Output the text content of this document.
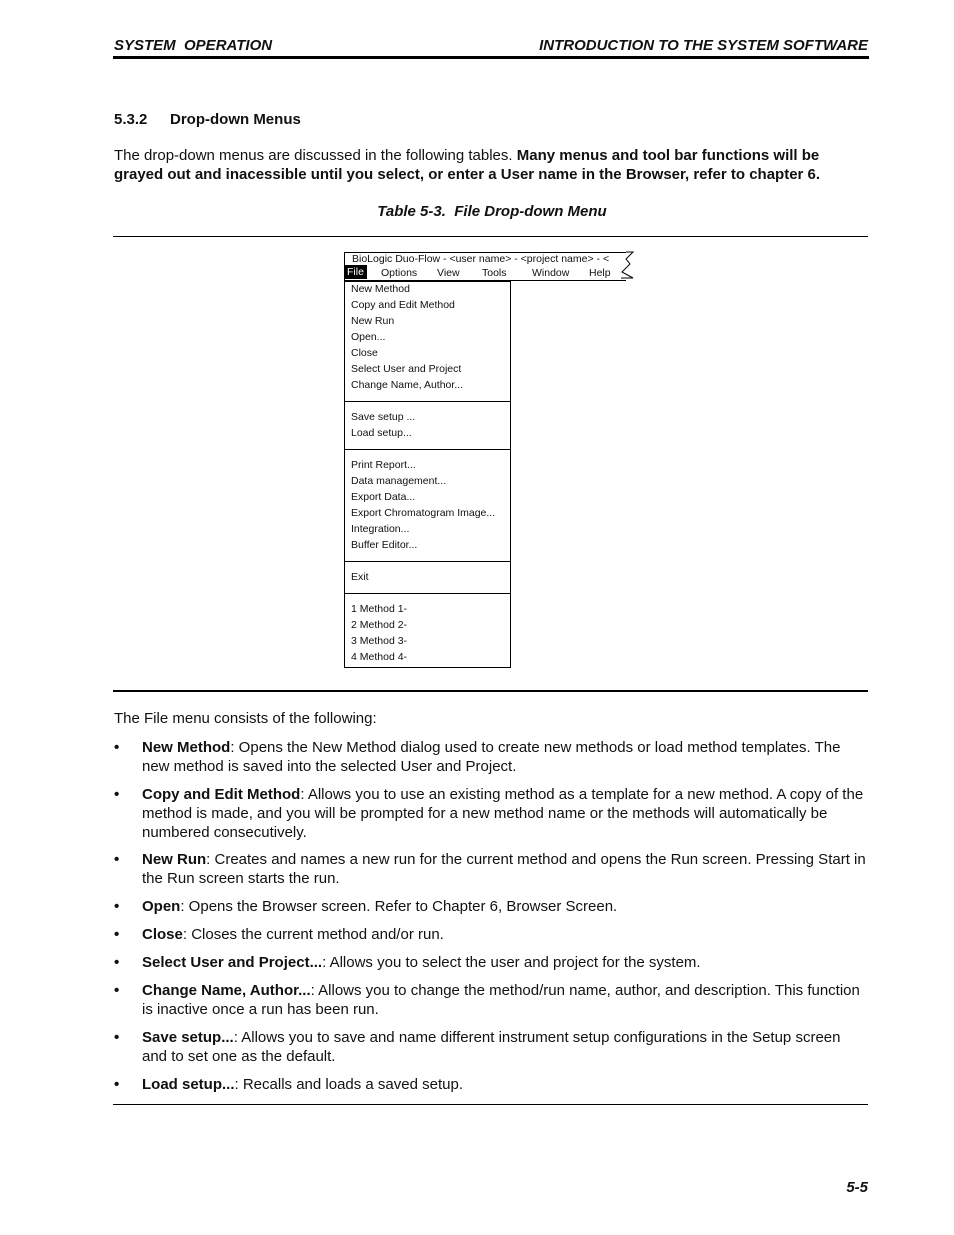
SYSTEM  OPERATION	INTRODUCTION TO THE SYSTEM SOFTWARE
5.3.2 Drop-down Menus
The drop-down menus are discussed in the following tables. Many menus and tool bar functions will be grayed out and inacessible until you select, or enter a User name in the Browser, refer to chapter 6.
Table 5-3.  File Drop-down Menu
BioLogic Duo-Flow - <user name> - <project name> - <
File Options View Tools Window Help
New Method
Copy and Edit Method
New Run
Open...
Close
Select User and Project
Change Name, Author...
Save setup ...
Load setup...
Print Report...
Data management...
Export Data...
Export Chromatogram Image...
Integration...
Buffer Editor...
Exit
1 Method 1-
2 Method 2-
3 Method 3-
4 Method 4-
The File menu consists of the following:
• New Method: Opens the New Method dialog used to create new methods or load method templates. The new method is saved into the selected User and Project.
• Copy and Edit Method: Allows you to use an existing method as a template for a new method. A copy of the method is made, and you will be prompted for a new method name or the methods will automatically be numbered consecutively.
• New Run: Creates and names a new run for the current method and opens the Run screen. Pressing Start in the Run screen starts the run.
• Open: Opens the Browser screen. Refer to Chapter 6, Browser Screen.
• Close: Closes the current method and/or run.
• Select User and Project...: Allows you to select the user and project for the system.
• Change Name, Author...: Allows you to change the method/run name, author, and description. This function is inactive once a run has been run.
• Save setup...: Allows you to save and name different instrument setup configurations in the Setup screen and to set one as the default.
• Load setup...: Recalls and loads a saved setup.
5-5
